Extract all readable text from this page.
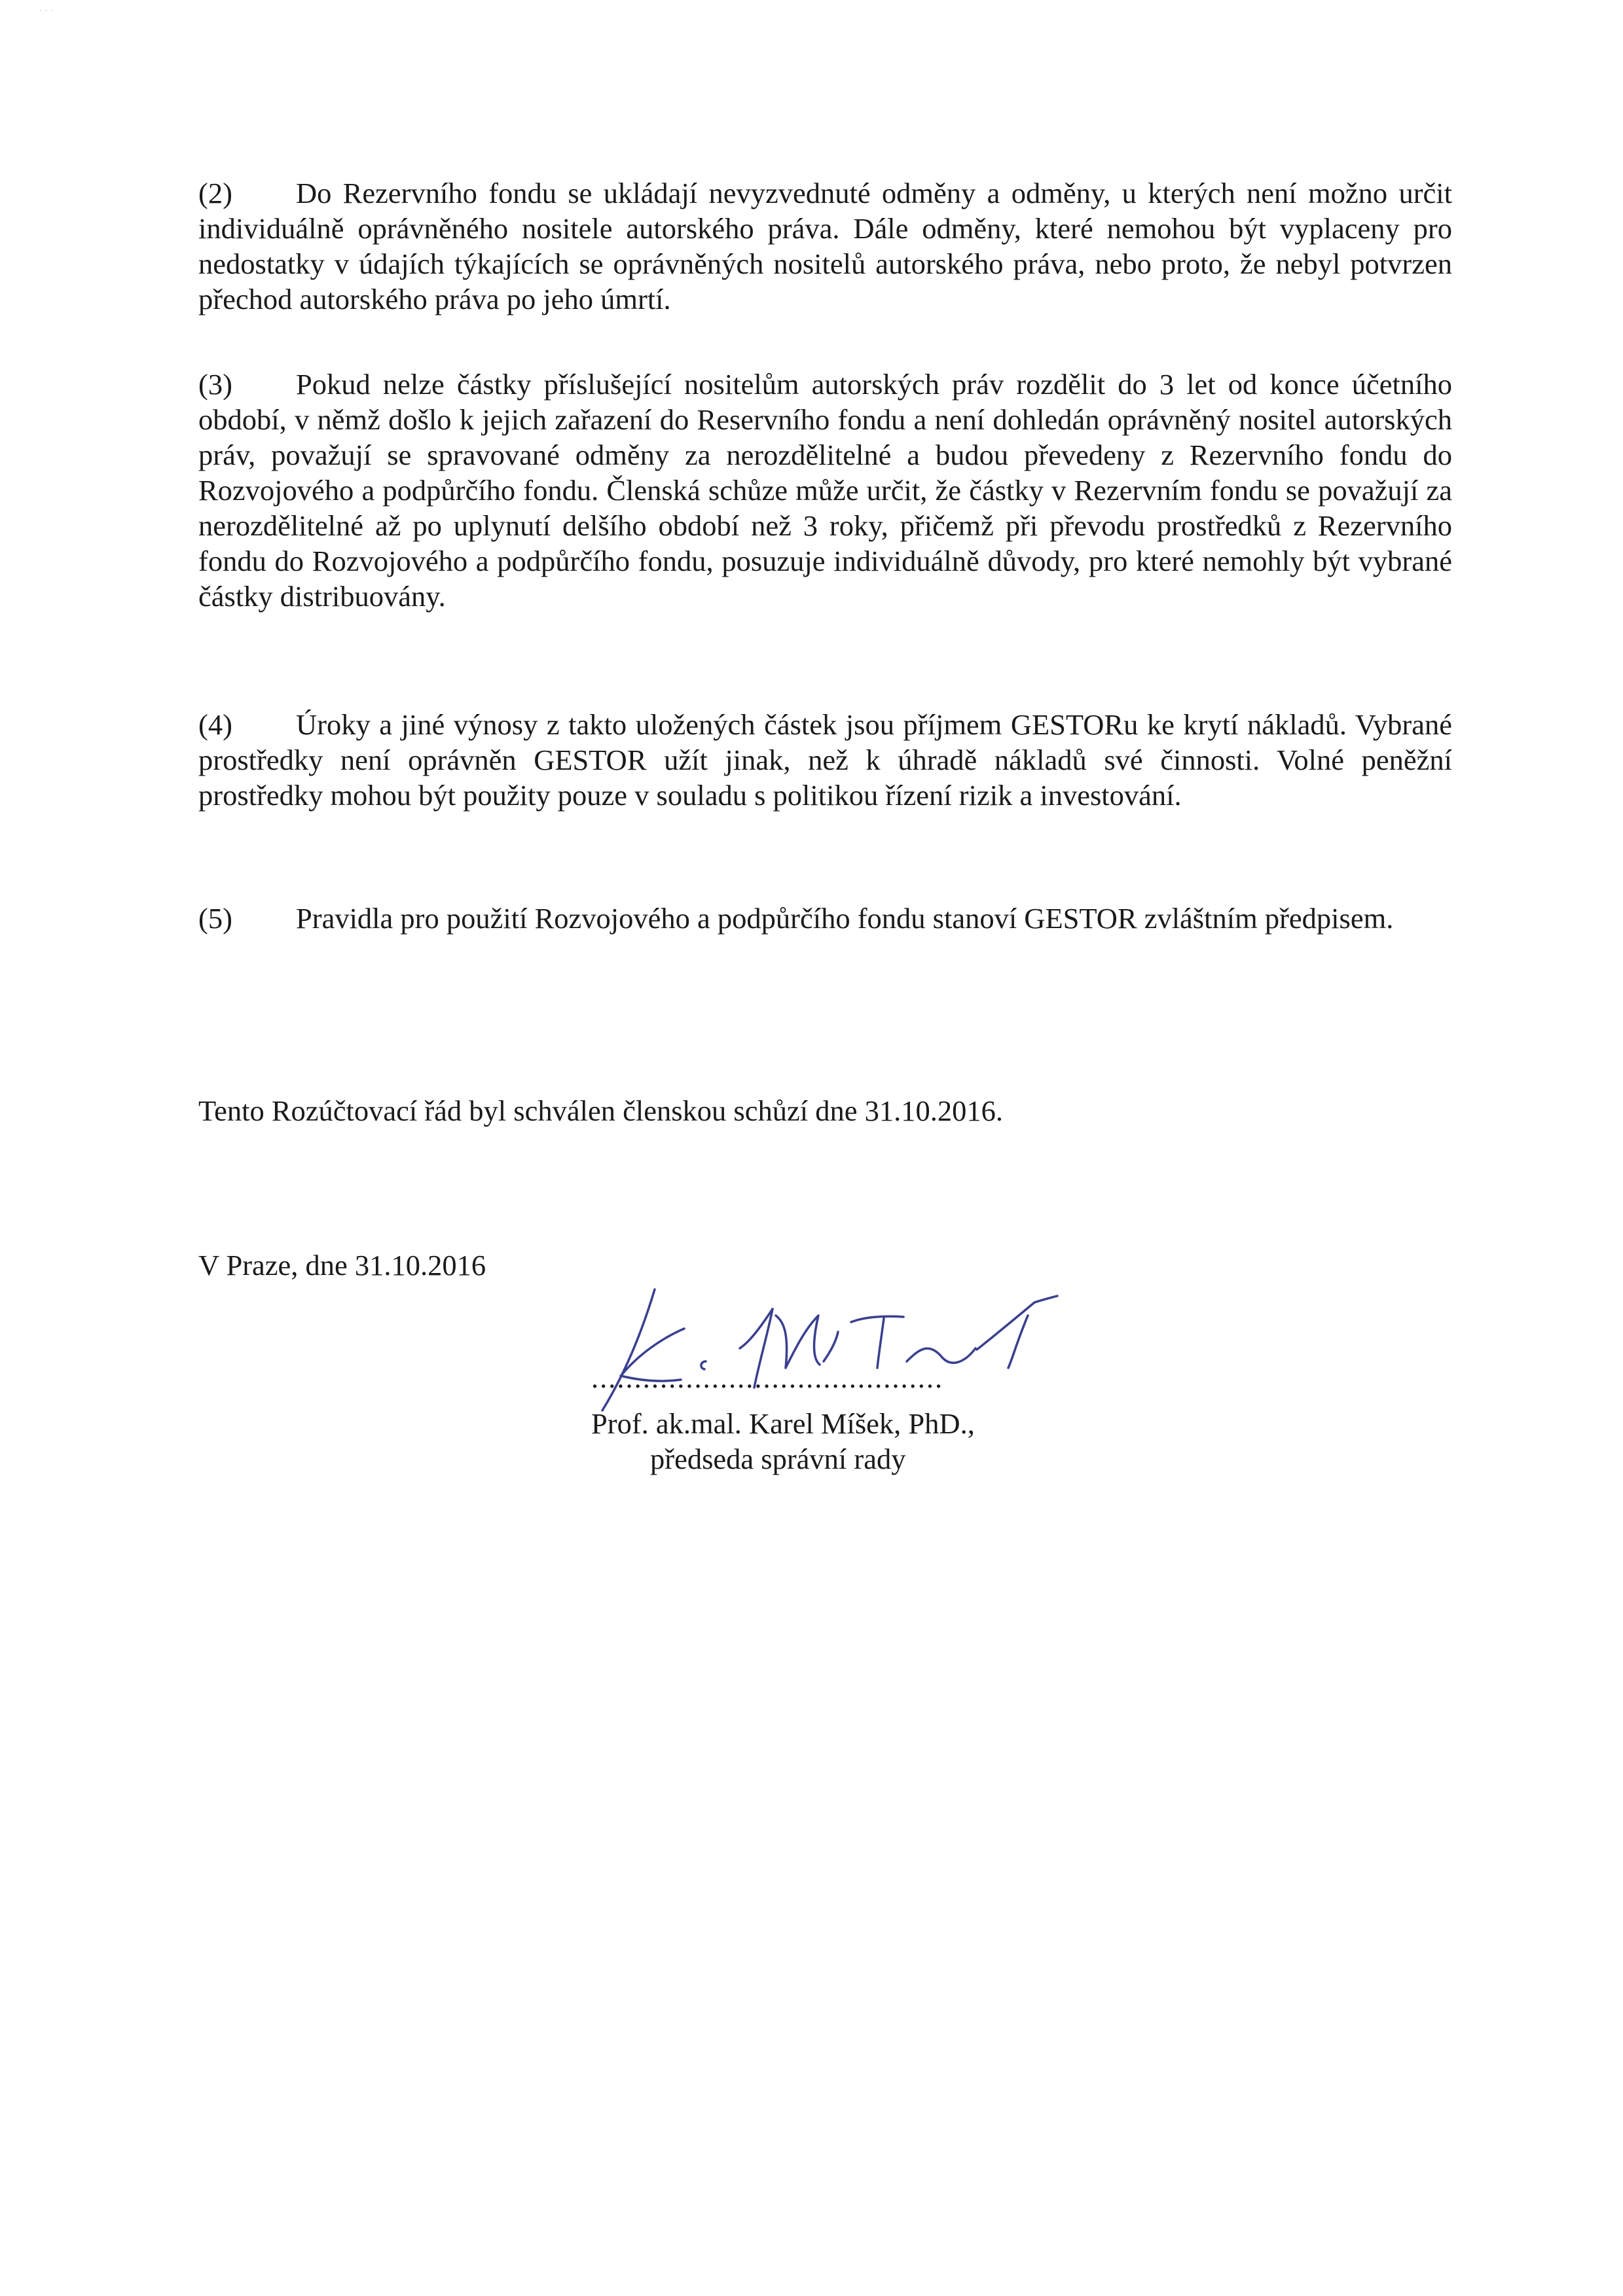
· · ·

(2) Do Rezervního fondu se ukládají nevyzvednuté odměny a odměny, u kterých není možno určit individuálně oprávněného nositele autorského práva. Dále odměny, které nemohou být vyplaceny pro nedostatky v údajích týkajících se oprávněných nositelů autorského práva, nebo proto, že nebyl potvrzen přechod autorského práva po jeho úmrtí.

(3) Pokud nelze částky příslušející nositelům autorských práv rozdělit do 3 let od konce účetního období, v němž došlo k jejich zařazení do Reservního fondu a není dohledán oprávněný nositel autorských práv, považují se spravované odměny za nerozdělitelné a budou převedeny z Rezervního fondu do Rozvojového a podpůrčího fondu. Členská schůze může určit, že částky v Rezervním fondu se považují za nerozdělitelné až po uplynutí delšího období než 3 roky, přičemž při převodu prostředků z Rezervního fondu do Rozvojového a podpůrčího fondu, posuzuje individuálně důvody, pro které nemohly být vybrané částky distribuovány.

(4) Úroky a jiné výnosy z takto uložených částek jsou příjmem GESTORu ke krytí nákladů. Vybrané prostředky není oprávněn GESTOR užít jinak, než k úhradě nákladů své činnosti. Volné peněžní prostředky mohou být použity pouze v souladu s politikou řízení rizik a investování.

(5) Pravidla pro použití Rozvojového a podpůrčího fondu stanoví GESTOR zvláštním předpisem.

Tento Rozúčtovací řád byl schválen členskou schůzí dne 31.10.2016.

V Praze, dne 31.10.2016

.........................................

Prof. ak.mal. Karel Míšek, PhD.,

předseda správní rady
